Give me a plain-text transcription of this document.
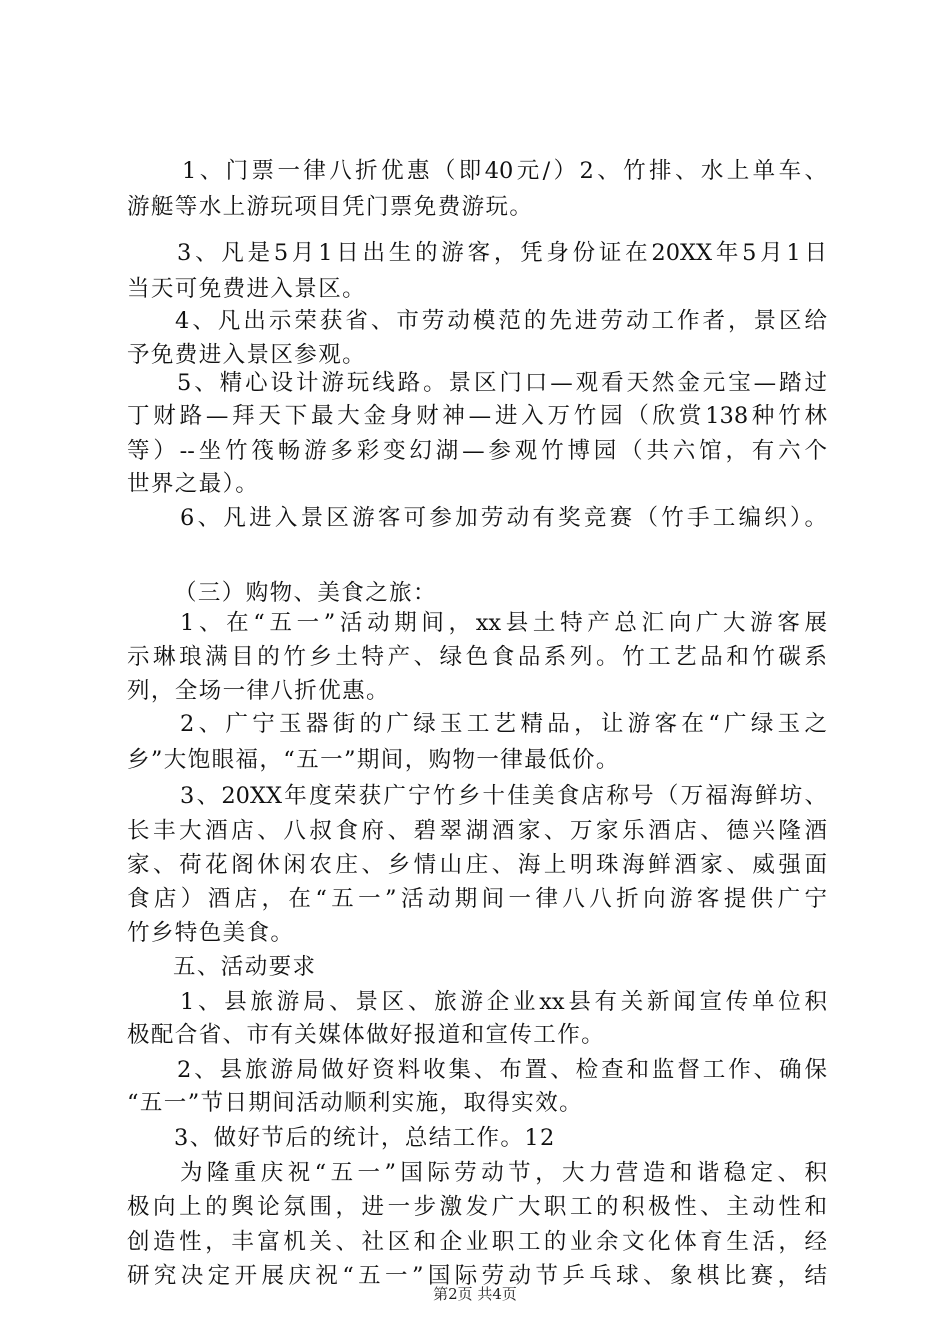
1、门票一律八折优惠（即40元/）2、竹排、水上单车、
游艇等水上游玩项目凭门票免费游玩。
3、凡是5月1日出生的游客，凭身份证在20XX年5月1日
当天可免费进入景区。
4、凡出示荣获省、市劳动模范的先进劳动工作者，景区给
予免费进入景区参观。
5、精心设计游玩线路。景区门口—观看天然金元宝—踏过
丁财路—拜天下最大金身财神—进入万竹园（欣赏138种竹林
等）--坐竹筏畅游多彩变幻湖—参观竹博园（共六馆，有六个
世界之最）。
6、凡进入景区游客可参加劳动有奖竞赛（竹手工编织）。
（三）购物、美食之旅：
1、在“五一”活动期间，xx县土特产总汇向广大游客展
示琳琅满目的竹乡土特产、绿色食品系列。竹工艺品和竹碳系
列，全场一律八折优惠。
2、广宁玉器街的广绿玉工艺精品，让游客在“广绿玉之
乡”大饱眼福，“五一”期间，购物一律最低价。
3、20XX年度荣获广宁竹乡十佳美食店称号（万福海鲜坊、
长丰大酒店、八叔食府、碧翠湖酒家、万家乐酒店、德兴隆酒
家、荷花阁休闲农庄、乡情山庄、海上明珠海鲜酒家、威强面
食店）酒店，在“五一”活动期间一律八八折向游客提供广宁
竹乡特色美食。
五、活动要求
1、县旅游局、景区、旅游企业xx县有关新闻宣传单位积
极配合省、市有关媒体做好报道和宣传工作。
2、县旅游局做好资料收集、布置、检查和监督工作、确保
“五一”节日期间活动顺利实施，取得实效。
3、做好节后的统计，总结工作。12
为隆重庆祝“五一”国际劳动节，大力营造和谐稳定、积
极向上的舆论氛围，进一步激发广大职工的积极性、主动性和
创造性，丰富机关、社区和企业职工的业余文化体育生活，经
研究决定开展庆祝“五一”国际劳动节乒乓球、象棋比赛，结
第2页 共4页
